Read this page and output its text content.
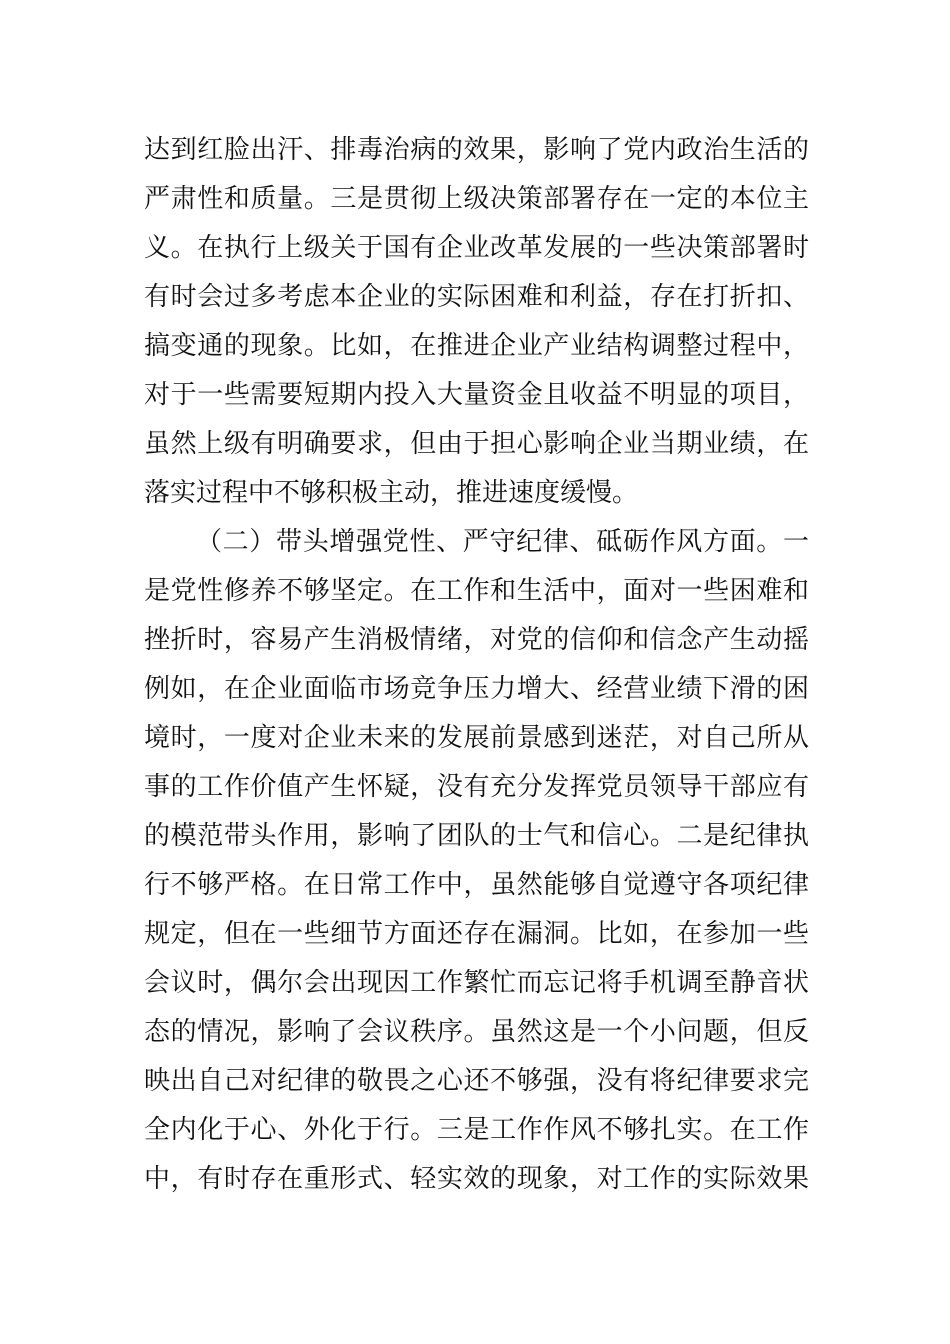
达到红脸出汗、排毒治病的效果，影响了党内政治生活的
严肃性和质量。三是贯彻上级决策部署存在一定的本位主
义。在执行上级关于国有企业改革发展的一些决策部署时
有时会过多考虑本企业的实际困难和利益，存在打折扣、
搞变通的现象。比如，在推进企业产业结构调整过程中，
对于一些需要短期内投入大量资金且收益不明显的项目，
虽然上级有明确要求，但由于担心影响企业当期业绩，在
落实过程中不够积极主动，推进速度缓慢。
（二）带头增强党性、严守纪律、砥砺作风方面。一
是党性修养不够坚定。在工作和生活中，面对一些困难和
挫折时，容易产生消极情绪，对党的信仰和信念产生动摇
例如，在企业面临市场竞争压力增大、经营业绩下滑的困
境时，一度对企业未来的发展前景感到迷茫，对自己所从
事的工作价值产生怀疑，没有充分发挥党员领导干部应有
的模范带头作用，影响了团队的士气和信心。二是纪律执
行不够严格。在日常工作中，虽然能够自觉遵守各项纪律
规定，但在一些细节方面还存在漏洞。比如，在参加一些
会议时，偶尔会出现因工作繁忙而忘记将手机调至静音状
态的情况，影响了会议秩序。虽然这是一个小问题，但反
映出自己对纪律的敬畏之心还不够强，没有将纪律要求完
全内化于心、外化于行。三是工作作风不够扎实。在工作
中，有时存在重形式、轻实效的现象，对工作的实际效果
